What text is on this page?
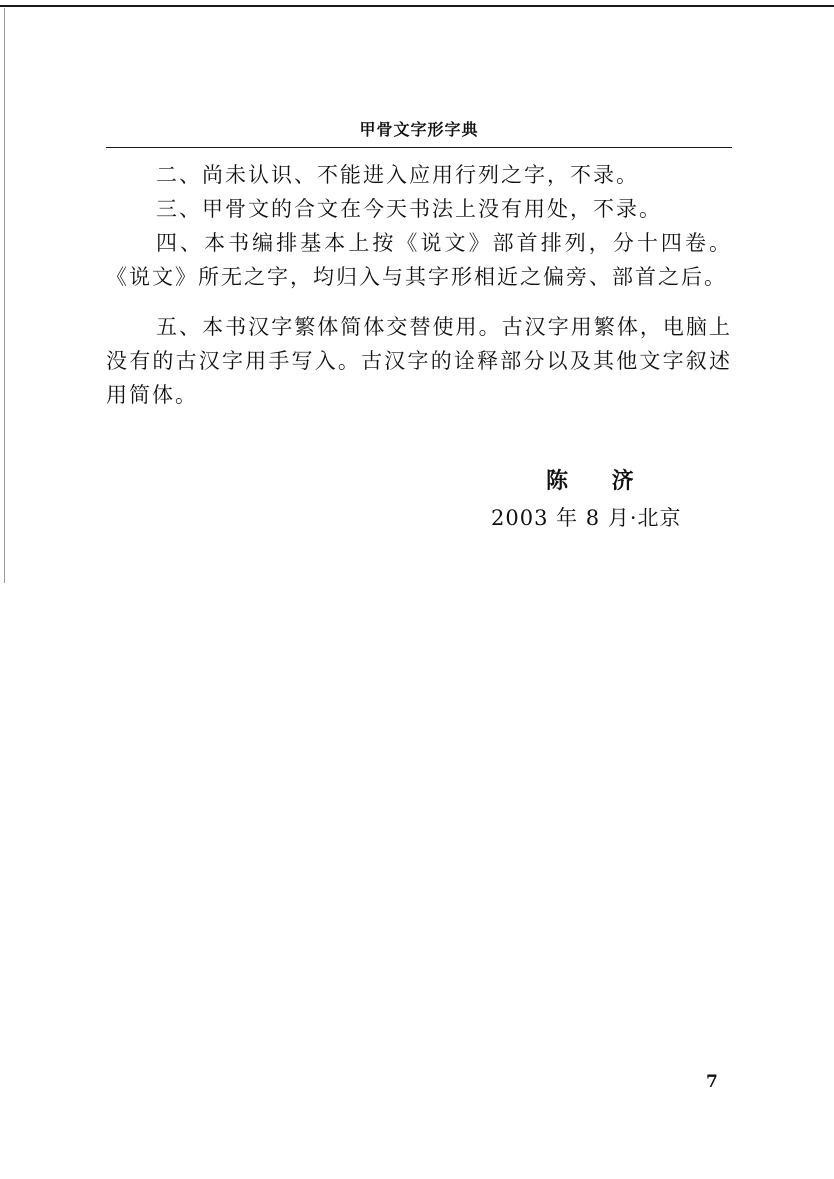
甲骨文字形字典

二、尚未认识、不能进入应用行列之字，不录。

三、甲骨文的合文在今天书法上没有用处，不录。

四、本书编排基本上按《说文》部首排列，分十四卷。《说文》所无之字，均归入与其字形相近之偏旁、部首之后。

五、本书汉字繁体简体交替使用。古汉字用繁体，电脑上没有的古汉字用手写入。古汉字的诠释部分以及其他文字叙述用简体。

陈 济
2003 年 8 月·北京
7
